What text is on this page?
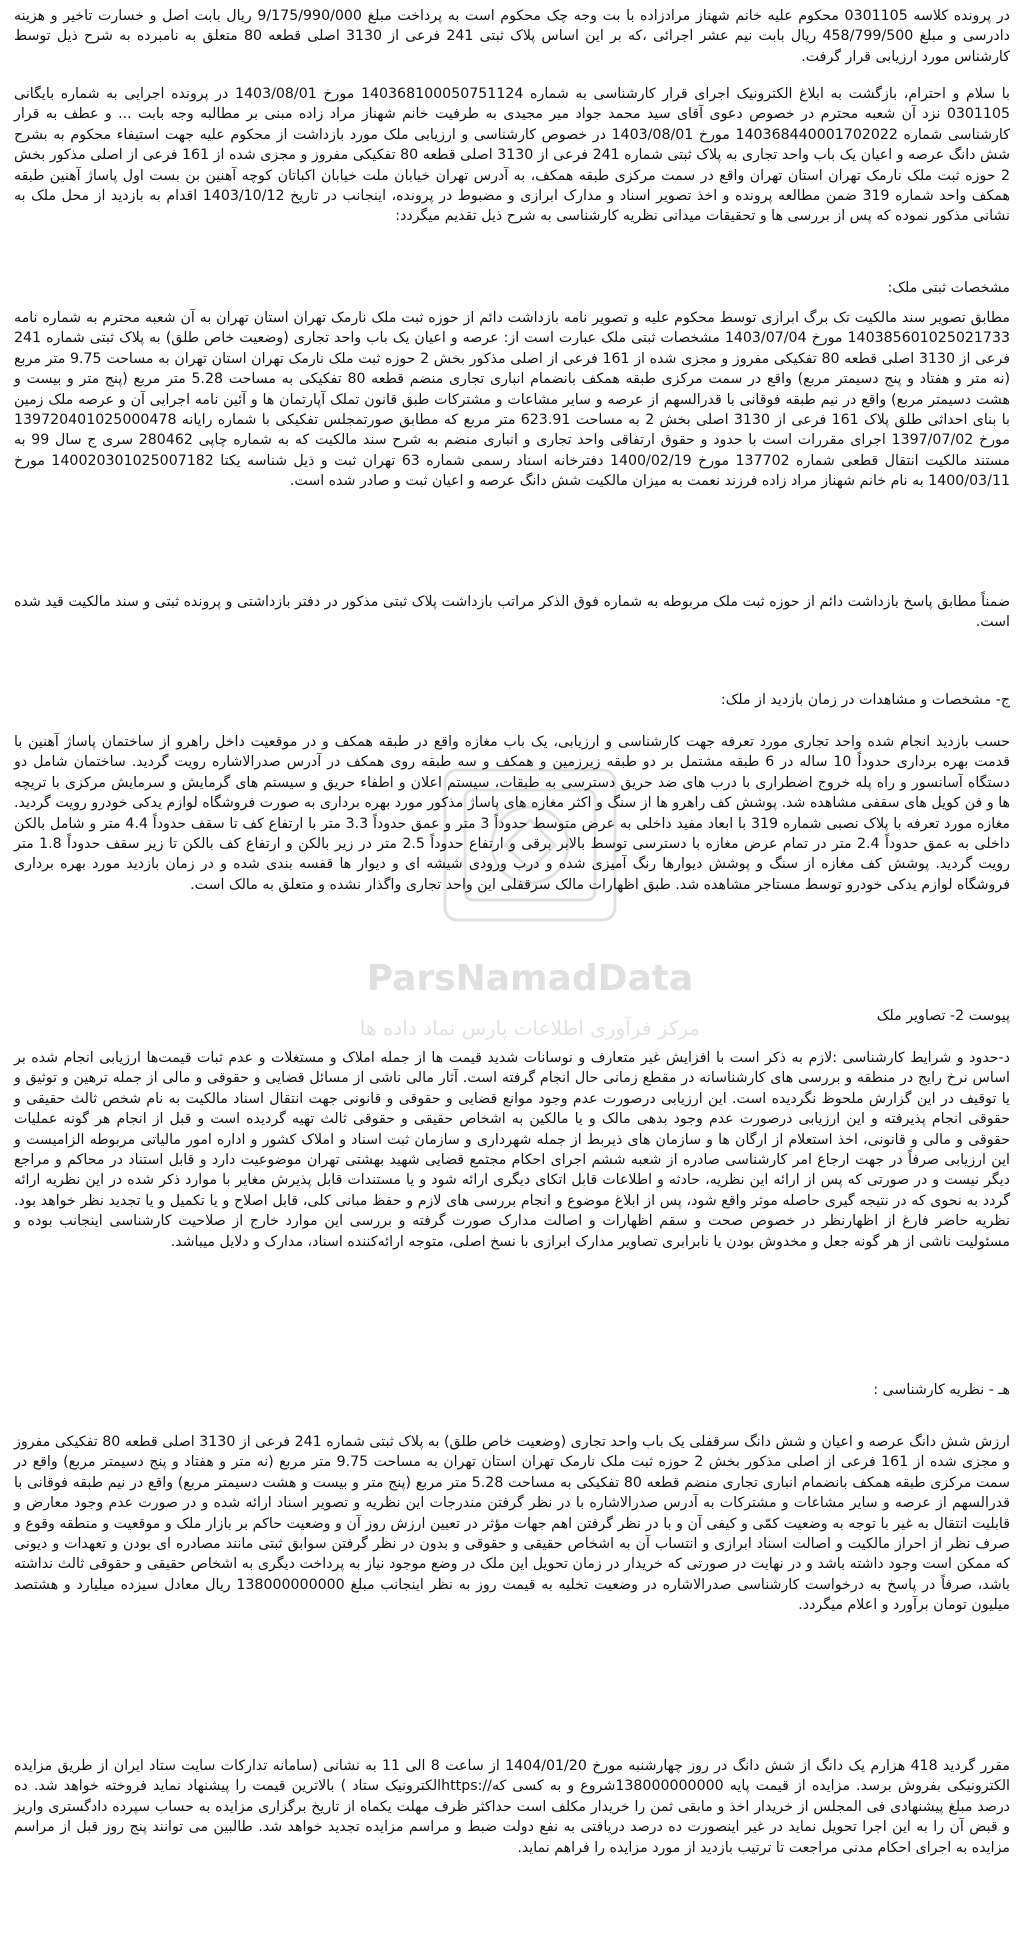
ParsNamadData
مرکز فرآوری اطلاعات پارس نماد داده ها

در پرونده کلاسه 0301105 محکوم علیه خانم شهناز مرادزاده با بت وجه چک محکوم است به پرداخت مبلغ 9/175/990/000 ریال بابت اصل و خسارت تاخیر و هزینه دادرسی و مبلغ 458/799/500 ریال بابت نیم عشر اجرائی ،که بر این اساس پلاک ثبتی 241 فرعی از 3130 اصلی قطعه 80 متعلق به نامبرده به شرح ذیل توسط کارشناس مورد ارزیابی قرار گرفت.

با سلام و احترام، بازگشت به ابلاغ الکترونیک اجرای قرار کارشناسی به شماره 140368100050751124 مورخ 1403/08/01 در پرونده اجرایی به شماره بایگانی 0301105 نزد آن شعبه محترم در خصوص دعوی آقای سید محمد جواد میر مجیدی به طرفیت خانم شهناز مراد زاده مبنی بر مطالبه وجه بابت ... و عطف به قرار کارشناسی شماره 140368440001702022 مورخ 1403/08/01 در خصوص کارشناسی و ارزیابی ملک مورد بازداشت از محکوم علیه جهت استیفاء محکوم به بشرح شش دانگ عرصه و اعیان یک باب واحد تجاری به پلاک ثبتی شماره 241 فرعی از 3130 اصلی قطعه 80 تفکیکی مفروز و مجزی شده از 161 فرعی از اصلی مذکور بخش 2 حوزه ثبت ملک نارمک تهران استان تهران واقع در سمت مرکزی طبقه همکف، به آدرس تهران خیابان ملت خیابان اکباتان کوچه آهنین بن بست اول پاساژ آهنین طبقه همکف واحد شماره 319 ضمن مطالعه پرونده و اخذ تصویر اسناد و مدارک ابرازی و مضبوط در پرونده، اینجانب در تاریخ 1403/10/12 اقدام به بازدید از محل ملک به نشانی مذکور نموده که پس از بررسی ها و تحقیقات میدانی نظریه کارشناسی به شرح ذیل تقدیم میگردد:

مشخصات ثبتی ملک:

مطابق تصویر سند مالکیت تک برگ ابرازی توسط محکوم علیه و تصویر نامه بازداشت دائم از حوزه ثبت ملک نارمک تهران استان تهران به آن شعبه محترم به شماره نامه 140385601025021733 مورخ 1403/07/04 مشخصات ثبتی ملک عبارت است از: عرصه و اعیان یک باب واحد تجاری (وضعیت خاص طلق) به پلاک ثبتی شماره 241 فرعی از 3130 اصلی قطعه 80 تفکیکی مفروز و مجزی شده از 161 فرعی از اصلی مذکور بخش 2 حوزه ثبت ملک نارمک تهران استان تهران به مساحت 9.75 متر مربع (نه متر و هفتاد و پنج دسیمتر مربع) واقع در سمت مرکزی طبقه همکف بانضمام انباری تجاری منضم قطعه 80 تفکیکی به مساحت 5.28 متر مربع (پنج متر و بیست و هشت دسیمتر مربع) واقع در نیم طبقه فوقانی با قدرالسهم از عرصه و سایر مشاعات و مشترکات طبق قانون تملک آپارتمان ها و آئین نامه اجرایی آن و عرصه ملک زمین با بنای احداثی طلق پلاک 161 فرعی از 3130 اصلی بخش 2 به مساحت 623.91 متر مربع که مطابق صورتمجلس تفکیکی با شماره رایانه 139720401025000478 مورخ 1397/07/02 اجرای مقررات است با حدود و حقوق ارتفاقی واحد تجاری و انباری منضم به شرح سند مالکیت که به شماره چاپی 280462 سری ج سال 99 به مستند مالکیت انتقال قطعی شماره 137702 مورخ 1400/02/19 دفترخانه اسناد رسمی شماره 63 تهران ثبت و ذیل شناسه یکتا 140020301025007182 مورخ 1400/03/11 به نام خانم شهناز مراد زاده فرزند نعمت به میزان مالکیت شش دانگ عرصه و اعیان ثبت و صادر شده است.

ضمناً مطابق پاسخ بازداشت دائم از حوزه ثبت ملک مربوطه به شماره فوق الذکر مراتب بازداشت پلاک ثبتی مذکور در دفتر بازداشتی و پرونده ثبتی و سند مالکیت قید شده است.

ج- مشخصات و مشاهدات در زمان بازدید از ملک:

حسب بازدید انجام شده واحد تجاری مورد تعرفه جهت کارشناسی و ارزیابی، یک باب مغازه واقع در طبقه همکف و در موقعیت داخل راهرو از ساختمان پاساژ آهنین با قدمت بهره برداری حدوداً 10 ساله در 6 طبقه مشتمل بر دو طبقه زیرزمین و همکف و سه طبقه روی همکف در آدرس صدرالاشاره رویت گردید. ساختمان شامل دو دستگاه آسانسور و راه پله خروج اضطراری با درب های ضد حریق دسترسی به طبقات، سیستم اعلان و اطفاء حریق و سیستم های گرمایش و سرمایش مرکزی با تریچه ها و فن کویل های سقفی مشاهده شد. پوشش کف راهرو ها از سنگ و اکثر مغازه های پاساژ مذکور مورد بهره برداری به صورت فروشگاه لوازم یدکی خودرو رویت گردید. مغازه مورد تعرفه با پلاک نصبی شماره 319 با ابعاد مفید داخلی به عرض متوسط حدوداً 3 متر و عمق حدوداً 3.3 متر با ارتفاع کف تا سقف حدوداً 4.4 متر و شامل بالکن داخلی به عمق حدوداً 2.4 متر در تمام عرض مغازه با دسترسی توسط بالابر برقی و ارتفاع حدوداً 2.5 متر در زیر بالکن و ارتفاع کف بالکن تا زیر سقف حدوداً 1.8 متر رویت گردید. پوشش کف مغازه از سنگ و پوشش دیوارها رنگ آمیزی شده و درب ورودی شیشه ای و دیوار ها قفسه بندی شده و در زمان بازدید مورد بهره برداری فروشگاه لوازم یدکی خودرو توسط مستاجر مشاهده شد. طبق اظهارات مالک سرقفلی این واحد تجاری واگذار نشده و متعلق به مالک است.

پیوست 2- تصاویر ملک

د-حدود و شرایط کارشناسی :لازم به ذکر است با افزایش غیر متعارف و نوسانات شدید قیمت ها از جمله املاک و مستغلات و عدم ثبات قیمت‌ها ارزیابی انجام شده بر اساس نرخ رایج در منطقه و بررسی های کارشناسانه در مقطع زمانی حال انجام گرفته است. آثار مالی ناشی از مسائل قضایی و حقوقی و مالی از جمله ترهین و توثیق و یا توقیف در این گزارش ملحوظ نگردیده است. این ارزیابی درصورت عدم وجود موانع قضایی و حقوقی و قانونی جهت انتقال اسناد مالکیت به نام شخص ثالث حقیقی و حقوقی انجام پذیرفته و این ارزیابی درصورت عدم وجود بدهی مالک و یا مالکین به اشخاص حقیقی و حقوقی ثالث تهیه گردیده است و قبل از انجام هر گونه عملیات حقوقی و مالی و قانونی، اخذ استعلام از ارگان ها و سازمان های ذیربط از جمله شهرداری و سازمان ثبت اسناد و املاک کشور و اداره امور مالیاتی مربوطه الزامیست و این ارزیابی صرفاً در جهت ارجاع امر کارشناسی صادره از شعبه ششم اجرای احکام مجتمع قضایی شهید بهشتی تهران موضوعیت دارد و قابل استناد در محاکم و مراجع دیگر نیست و در صورتی که پس از ارائه این نظریه، حادثه و اطلاعات قابل اتکای دیگری ارائه شود و یا مستندات قابل پذیرش مغایر با موارد ذکر شده در این نظریه ارائه گردد به نحوی که در نتیجه گیری حاصله موثر واقع شود، پس از ابلاغ موضوع و انجام بررسی های لازم و حفظ مبانی کلی، قابل اصلاح و یا تکمیل و یا تجدید نظر خواهد بود. نظریه حاضر فارغ از اظهارنظر در خصوص صحت و سقم اظهارات و اصالت مدارک صورت گرفته و بررسی این موارد خارج از صلاحیت کارشناسی اینجانب بوده و مسئولیت ناشی از هر گونه جعل و مخدوش بودن یا نابرابری تصاویر مدارک ابرازی با نسخ اصلی، متوجه ارائه‌کننده اسناد، مدارک و دلایل میباشد.

هـ - نظریه کارشناسی :

ارزش شش دانگ عرصه و اعیان و شش دانگ سرقفلی یک باب واحد تجاری (وضعیت خاص طلق) به پلاک ثبتی شماره 241 فرعی از 3130 اصلی قطعه 80 تفکیکی مفروز و مجزی شده از 161 فرعی از اصلی مذکور بخش 2 حوزه ثبت ملک نارمک تهران استان تهران به مساحت 9.75 متر مربع (نه متر و هفتاد و پنج دسیمتر مربع) واقع در سمت مرکزی طبقه همکف بانضمام انباری تجاری منضم قطعه 80 تفکیکی به مساحت 5.28 متر مربع (پنج متر و بیست و هشت دسیمتر مربع) واقع در نیم طبقه فوقانی با قدرالسهم از عرصه و سایر مشاعات و مشترکات به آدرس صدرالاشاره با در نظر گرفتن مندرجات این نظریه و تصویر اسناد ارائه شده و در صورت عدم وجود معارض و قابلیت انتقال به غیر با توجه به وضعیت کمّی و کیفی آن و با در نظر گرفتن اهم جهات مؤثر در تعیین ارزش روز آن و وضعیت حاکم بر بازار ملک و موقعیت و منطقه وقوع و صرف نظر از احراز مالکیت و اصالت اسناد ابرازی و انتساب آن به اشخاص حقیقی و حقوقی و بدون در نظر گرفتن سوابق ثبتی مانند مصادره ای بودن و تعهدات و دیونی که ممکن است وجود داشته باشد و در نهایت در صورتی که خریدار در زمان تحویل این ملک در وضع موجود نیاز به پرداخت دیگری به اشخاص حقیقی و حقوقی ثالث نداشته باشد، صرفاً در پاسخ به درخواست کارشناسی صدرالاشاره در وضعیت تخلیه به قیمت روز به نظر اینجانب مبلغ 138000000000 ریال معادل سیزده میلیارد و هشتصد میلیون تومان برآورد و اعلام میگردد.

مقرر گردید 418 هزارم یک دانگ از شش دانگ در روز چهارشنبه مورخ 1404/01/20 از ساعت 8 الی 11 به نشانی (سامانه تدارکات سایت ستاد ایران از طریق مزایده الکترونیکی بفروش برسد. مزایده از قیمت پایه 138000000000شروع و به کسی که//:httpsالکترونیک ستاد ) بالاترین قیمت را پیشنهاد نماید فروخته خواهد شد. ده درصد مبلغ پیشنهادی فی المجلس از خریدار اخذ و مابقی ثمن را خریدار مکلف است حداکثر ظرف مهلت یکماه از تاریخ برگزاری مزایده به حساب سپرده دادگستری واریز و قبض آن را به این اجرا تحویل نماید در غیر اینصورت ده درصد دریافتی به نفع دولت ضبط و مراسم مزایده تجدید خواهد شد. طالبین می توانند پنج روز قبل از مراسم مزایده به اجرای احکام مدنی مراجعت تا ترتیب بازدید از مورد مزایده را فراهم نماید.
